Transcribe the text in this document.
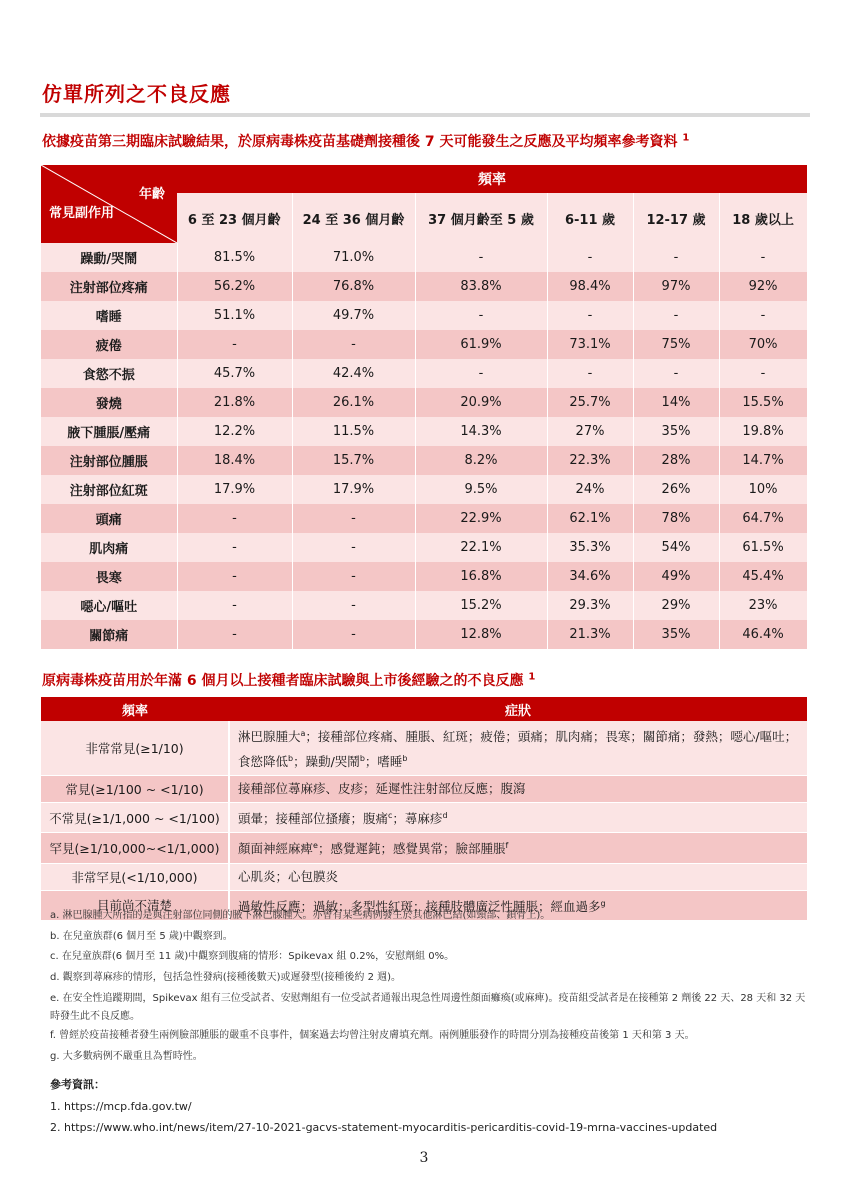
仿單所列之不良反應
依據疫苗第三期臨床試驗結果，於原病毒株疫苗基礎劑接種後 7 天可能發生之反應及平均頻率參考資料 $^1$
年齡
常見副作用	頻率					
	6 至 23 個月齡	24 至 36 個月齡	37 個月齡至 5 歲	6-11 歲	12-17 歲	18 歲以上
躁動/哭鬧	81.5%	71.0%	-	-	-	-
注射部位疼痛	56.2%	76.8%	83.8%	98.4%	97%	92%
嗜睡	51.1%	49.7%	-	-	-	-
疲倦	-	-	61.9%	73.1%	75%	70%
食慾不振	45.7%	42.4%	-	-	-	-
發燒	21.8%	26.1%	20.9%	25.7%	14%	15.5%
腋下腫脹/壓痛	12.2%	11.5%	14.3%	27%	35%	19.8%
注射部位腫脹	18.4%	15.7%	8.2%	22.3%	28%	14.7%
注射部位紅斑	17.9%	17.9%	9.5%	24%	26%	10%
頭痛	-	-	22.9%	62.1%	78%	64.7%
肌肉痛	-	-	22.1%	35.3%	54%	61.5%
畏寒	-	-	16.8%	34.6%	49%	45.4%
噁心/嘔吐	-	-	15.2%	29.3%	29%	23%
關節痛	-	-	12.8%	21.3%	35%	46.4%
原病毒株疫苗用於年滿 6 個月以上接種者臨床試驗與上市後經驗之的不良反應 $^1$
頻率	症狀
非常常見(≥1/10)	淋巴腺腫大$^a$；接種部位疼痛、腫脹、紅斑；疲倦；頭痛；肌肉痛；畏寒；關節痛；發熱；噁心/嘔吐；食慾降低$^b$；躁動/哭鬧$^b$；嗜睡$^b$
常見(≥1/100 ~ <1/10)	接種部位蕁麻疹、皮疹；延遲性注射部位反應；腹瀉
不常見(≥1/1,000 ~ <1/100)	頭暈；接種部位搔癢；腹痛$^c$；蕁麻疹$^d$
罕見(≥1/10,000~<1/1,000)	顏面神經麻痺$^e$；感覺遲鈍；感覺異常；臉部腫脹$^f$
非常罕見(<1/10,000)	心肌炎；心包膜炎
目前尚不清楚	過敏性反應；過敏；多型性紅斑；接種肢體廣泛性腫脹；經血過多$^g$
a. 淋巴腺腫大所指的是與注射部位同側的腋下淋巴腺腫大。亦曾有某些病例發生於其他淋巴結(如頸部、鎖骨上)。
b. 在兒童族群(6 個月至 5 歲)中觀察到。
c. 在兒童族群(6 個月至 11 歲)中觀察到腹痛的情形：Spikevax 組 0.2%，安慰劑組 0%。
d. 觀察到蕁麻疹的情形，包括急性發病(接種後數天)或遲發型(接種後約 2 週)。
e. 在安全性追蹤期間，Spikevax 組有三位受試者、安慰劑組有一位受試者通報出現急性周邊性顏面癱瘓(或麻痺)。疫苗組受試者是在接種第 2 劑後 22 天、28 天和 32 天時發生此不良反應。
f. 曾經於疫苗接種者發生兩例臉部腫脹的嚴重不良事件，個案過去均曾注射皮膚填充劑。兩例腫脹發作的時間分別為接種疫苗後第 1 天和第 3 天。
g. 大多數病例不嚴重且為暫時性。
參考資訊：
1. https://mcp.fda.gov.tw/
2. https://www.who.int/news/item/27-10-2021-gacvs-statement-myocarditis-pericarditis-covid-19-mrna-vaccines-updated
3
